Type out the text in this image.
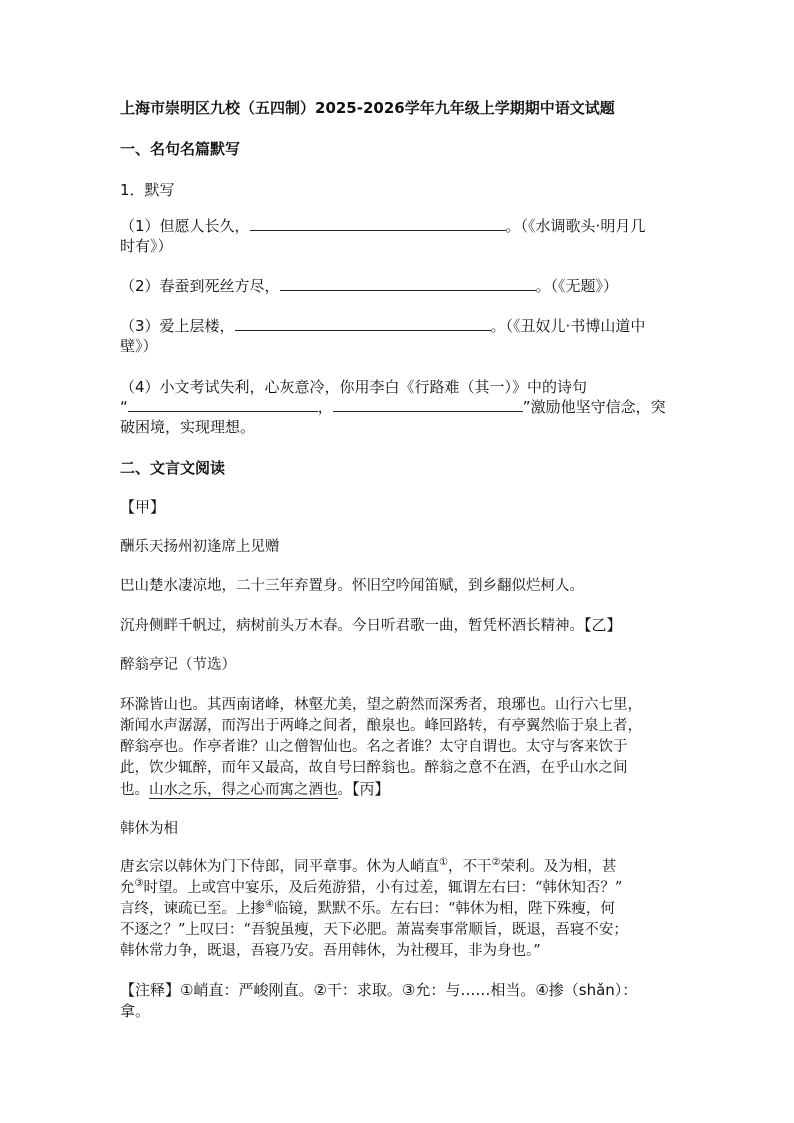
上海市崇明区九校（五四制）2025-2026学年九年级上学期期中语文试题
一、名句名篇默写
1．默写
（1）但愿人长久，	。（《水调歌头·明月几
时有》）
（2）春蚕到死丝方尽，	。（《无题》）
（3）爱上层楼，	。（《丑奴儿·书博山道中
壁》）
（4）小文考试失利，心灰意冷，你用李白《行路难（其一）》中的诗句
“	，	”激励他坚守信念，突
破困境，实现理想。
二、文言文阅读
【甲】
酬乐天扬州初逢席上见赠
巴山楚水凄凉地，二十三年弃置身。怀旧空吟闻笛赋，到乡翻似烂柯人。
沉舟侧畔千帆过，病树前头万木春。今日听君歌一曲，暂凭杯酒长精神。【乙】
醉翁亭记（节选）
环滁皆山也。其西南诸峰，林壑尤美，望之蔚然而深秀者，琅琊也。山行六七里，
渐闻水声潺潺，而泻出于两峰之间者，酿泉也。峰回路转，有亭翼然临于泉上者，
醉翁亭也。作亭者谁？山之僧智仙也。名之者谁？太守自谓也。太守与客来饮于
此，饮少辄醉，而年又最高，故自号曰醉翁也。醉翁之意不在酒，在乎山水之间
也。山水之乐，得之心而寓之酒也。【丙】
韩休为相
唐玄宗以韩休为门下侍郎，同平章事。休为人峭直①，不干②荣利。及为相，甚
允③时望。上或宫中宴乐，及后苑游猎，小有过差，辄谓左右曰：“韩休知否？”
言终，谏疏已至。上掺④临镜，默默不乐。左右曰：“韩休为相，陛下殊瘦，何
不逐之？”上叹曰：“吾貌虽瘦，天下必肥。萧嵩奏事常顺旨，既退，吾寝不安；
韩休常力争，既退，吾寝乃安。吾用韩休，为社稷耳，非为身也。”
【注释】①峭直：严峻刚直。②干：求取。③允：与……相当。④掺（shǎn）：
拿。
